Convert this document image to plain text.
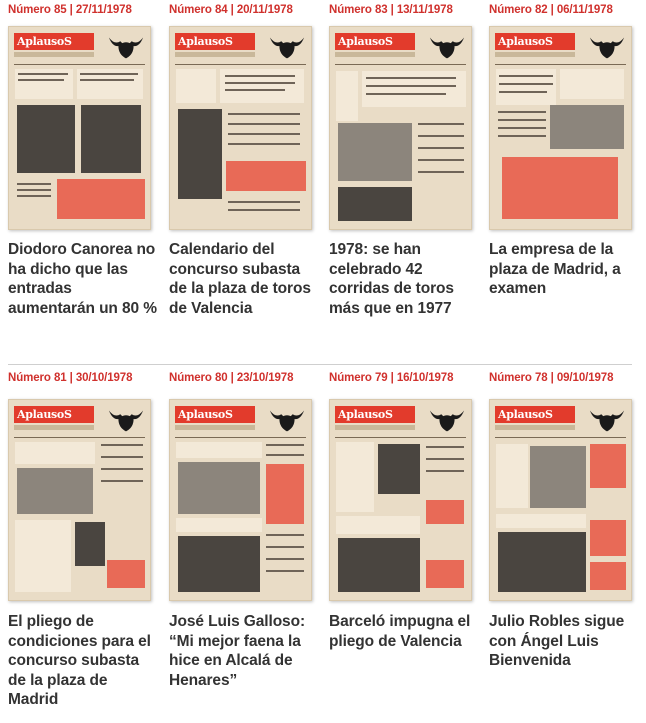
Número 85 | 27/11/1978
AplausoS
Diodoro Canorea no ha dicho que las entradas aumentarán un 80 %
Número 84 | 20/11/1978
AplausoS
Calendario del concurso subasta de la plaza de toros de Valencia
Número 83 | 13/11/1978
AplausoS
1978: se han celebrado 42 corridas de toros más que en 1977
Número 82 | 06/11/1978
AplausoS
La empresa de la plaza de Madrid, a examen
Número 81 | 30/10/1978
AplausoS
El pliego de condiciones para el concurso subasta de la plaza de Madrid
Número 80 | 23/10/1978
AplausoS
José Luis Galloso: “Mi mejor faena la hice en Alcalá de Henares”
Número 79 | 16/10/1978
AplausoS
Barceló impugna el pliego de Valencia
Número 78 | 09/10/1978
AplausoS
Julio Robles sigue con Ángel Luis Bienvenida
